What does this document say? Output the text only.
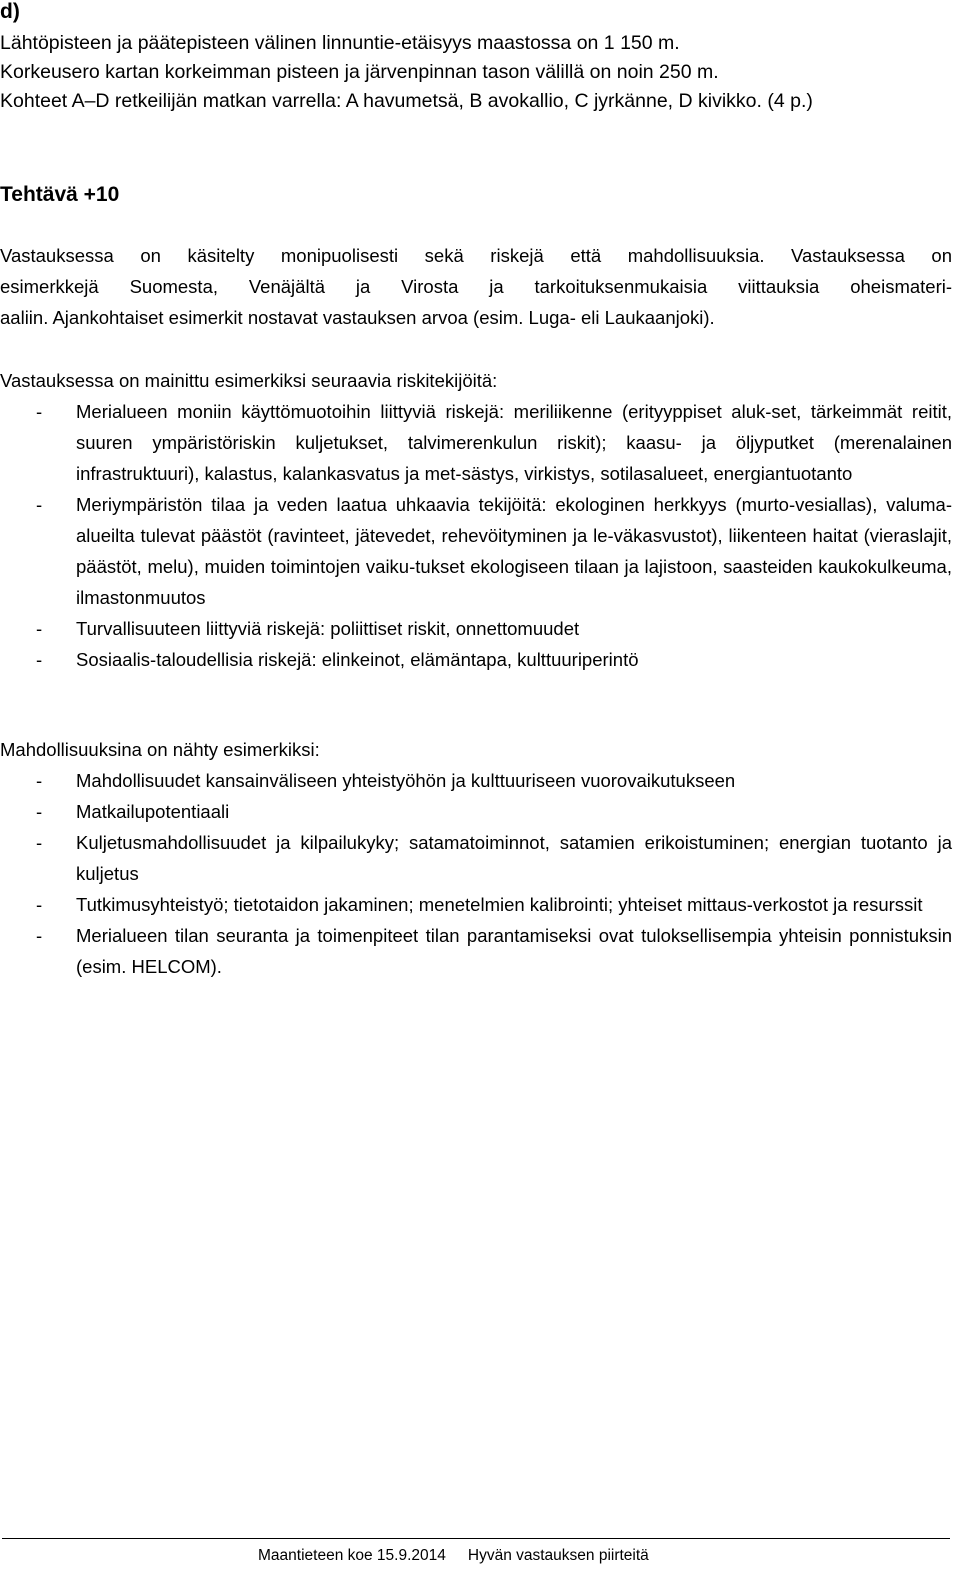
d)
Lähtöpisteen ja päätepisteen välinen linnuntie-etäisyys maastossa on 1 150 m.
Korkeusero kartan korkeimman pisteen ja järvenpinnan tason välillä on noin 250 m.
Kohteet A–D retkeilijän matkan varrella: A havumetsä, B avokallio, C jyrkänne, D kivikko. (4 p.)
Tehtävä +10
Vastauksessa on käsitelty monipuolisesti sekä riskejä että mahdollisuuksia. Vastauksessa on
esimerkkejä Suomesta, Venäjältä ja Virosta ja tarkoituksenmukaisia viittauksia oheismateri-
aaliin. Ajankohtaiset esimerkit nostavat vastauksen arvoa (esim. Luga- eli Laukaanjoki).
Vastauksessa on mainittu esimerkiksi seuraavia riskitekijöitä:
- Merialueen moniin käyttömuotoihin liittyviä riskejä: meriliikenne (erityyppiset aluk-set, tärkeimmät reitit, suuren ympäristöriskin kuljetukset, talvimerenkulun riskit); kaasu- ja öljyputket (merenalainen infrastruktuuri), kalastus, kalankasvatus ja met-sästys, virkistys, sotilasalueet, energiantuotanto
- Meriympäristön tilaa ja veden laatua uhkaavia tekijöitä: ekologinen herkkyys (murto-vesiallas), valuma-alueilta tulevat päästöt (ravinteet, jätevedet, rehevöityminen ja le-väkasvustot), liikenteen haitat (vieraslajit, päästöt, melu), muiden toimintojen vaiku-tukset ekologiseen tilaan ja lajistoon, saasteiden kaukokulkeuma, ilmastonmuutos
- Turvallisuuteen liittyviä riskejä: poliittiset riskit, onnettomuudet
- Sosiaalis-taloudellisia riskejä: elinkeinot, elämäntapa, kulttuuriperintö
Mahdollisuuksina on nähty esimerkiksi:
- Mahdollisuudet kansainväliseen yhteistyöhön ja kulttuuriseen vuorovaikutukseen
- Matkailupotentiaali
- Kuljetusmahdollisuudet ja kilpailukyky; satamatoiminnot, satamien erikoistuminen; energian tuotanto ja kuljetus
- Tutkimusyhteistyö; tietotaidon jakaminen; menetelmien kalibrointi; yhteiset mittaus-verkostot ja resurssit
- Merialueen tilan seuranta ja toimenpiteet tilan parantamiseksi ovat tuloksellisempia yhteisin ponnistuksin (esim. HELCOM).
Maantieteen koe 15.9.2014 Hyvän vastauksen piirteitä
